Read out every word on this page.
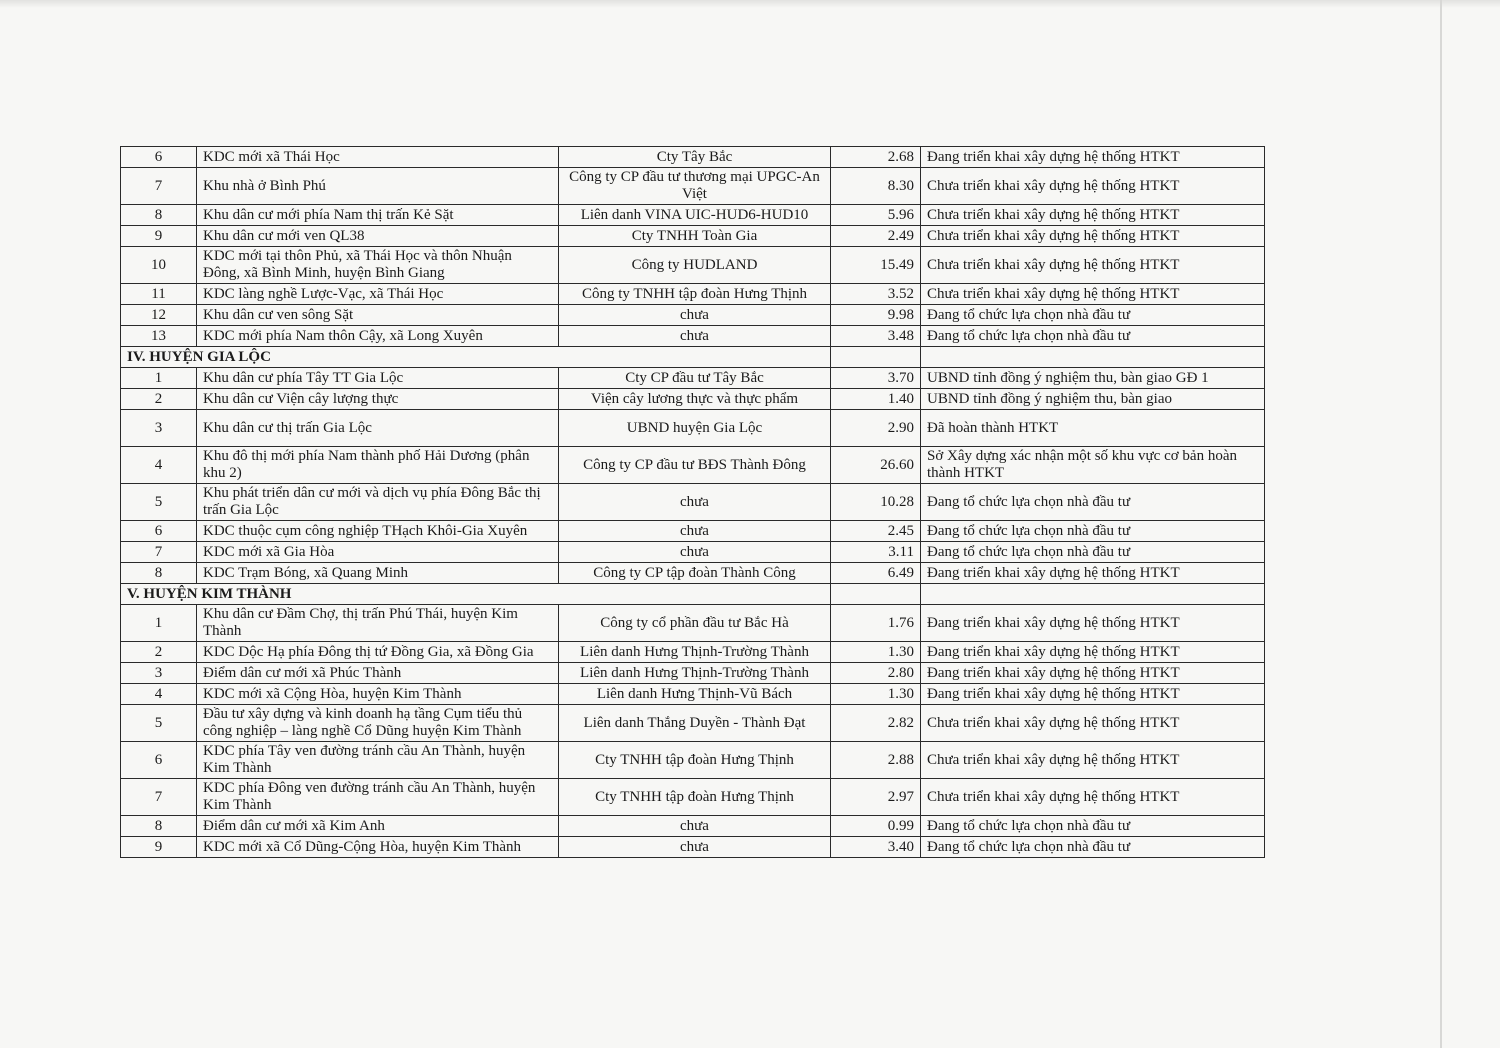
6	KDC mới xã Thái Học	Cty Tây Bắc	2.68	Đang triển khai xây dựng hệ thống HTKT
7	Khu nhà ở Bình Phú	Công ty CP đầu tư thương mại UPGC-An Việt	8.30	Chưa triển khai xây dựng hệ thống HTKT
8	Khu dân cư mới phía Nam thị trấn Kẻ Sặt	Liên danh VINA UIC-HUD6-HUD10	5.96	Chưa triển khai xây dựng hệ thống HTKT
9	Khu dân cư mới ven QL38	Cty TNHH Toàn Gia	2.49	Chưa triển khai xây dựng hệ thống HTKT
10	KDC mới tại thôn Phủ, xã Thái Học và thôn Nhuận Đông, xã Bình Minh, huyện Bình Giang	Công ty HUDLAND	15.49	Chưa triển khai xây dựng hệ thống HTKT
11	KDC làng nghề Lược-Vạc, xã Thái Học	Công ty TNHH tập đoàn Hưng Thịnh	3.52	Chưa triển khai xây dựng hệ thống HTKT
12	Khu dân cư ven sông Sặt	chưa	9.98	Đang tổ chức lựa chọn nhà đầu tư
13	KDC mới phía Nam thôn Cậy, xã Long Xuyên	chưa	3.48	Đang tổ chức lựa chọn nhà đầu tư
IV. HUYỆN GIA LỘC				
1	Khu dân cư phía Tây TT Gia Lộc	Cty CP đầu tư Tây Bắc	3.70	UBND tỉnh đồng ý nghiệm thu, bàn giao GĐ 1
2	Khu dân cư Viện cây lượng thực	Viện cây lương thực và thực phẩm	1.40	UBND tỉnh đồng ý nghiệm thu, bàn giao
3	Khu dân cư thị trấn Gia Lộc	UBND huyện Gia Lộc	2.90	Đã hoàn thành HTKT
4	Khu đô thị mới phía Nam thành phố Hải Dương (phân khu 2)	Công ty CP đầu tư BĐS Thành Đông	26.60	Sở Xây dựng xác nhận một số khu vực cơ bản hoàn thành HTKT
5	Khu phát triển dân cư mới và dịch vụ phía Đông Bắc thị trấn Gia Lộc	chưa	10.28	Đang tổ chức lựa chọn nhà đầu tư
6	KDC thuộc cụm công nghiệp THạch Khôi-Gia Xuyên	chưa	2.45	Đang tổ chức lựa chọn nhà đầu tư
7	KDC mới xã Gia Hòa	chưa	3.11	Đang tổ chức lựa chọn nhà đầu tư
8	KDC Trạm Bóng, xã Quang Minh	Công ty CP tập đoàn Thành Công	6.49	Đang triển khai xây dựng hệ thống HTKT
V. HUYỆN KIM THÀNH				
1	Khu dân cư Đầm Chợ, thị trấn Phú Thái, huyện Kim Thành	Công ty cổ phần đầu tư Bắc Hà	1.76	Đang triển khai xây dựng hệ thống HTKT
2	KDC Dộc Hạ phía Đông thị tứ Đồng Gia, xã Đồng Gia	Liên danh Hưng Thịnh-Trường Thành	1.30	Đang triển khai xây dựng hệ thống HTKT
3	Điểm dân cư mới xã Phúc Thành	Liên danh Hưng Thịnh-Trường Thành	2.80	Đang triển khai xây dựng hệ thống HTKT
4	KDC mới xã Cộng Hòa, huyện Kim Thành	Liên danh Hưng Thịnh-Vũ Bách	1.30	Đang triển khai xây dựng hệ thống HTKT
5	Đầu tư xây dựng và kinh doanh hạ tầng Cụm tiểu thủ công nghiệp – làng nghề Cổ Dũng huyện Kim Thành	Liên danh Thắng Duyền - Thành Đạt	2.82	Chưa triển khai xây dựng hệ thống HTKT
6	KDC phía Tây ven đường tránh cầu An Thành, huyện Kim Thành	Cty TNHH tập đoàn Hưng Thịnh	2.88	Chưa triển khai xây dựng hệ thống HTKT
7	KDC phía Đông ven đường tránh cầu An Thành, huyện Kim Thành	Cty TNHH tập đoàn Hưng Thịnh	2.97	Chưa triển khai xây dựng hệ thống HTKT
8	Điểm dân cư mới xã Kim Anh	chưa	0.99	Đang tổ chức lựa chọn nhà đầu tư
9	KDC mới xã Cổ Dũng-Cộng Hòa, huyện Kim Thành	chưa	3.40	Đang tổ chức lựa chọn nhà đầu tư
